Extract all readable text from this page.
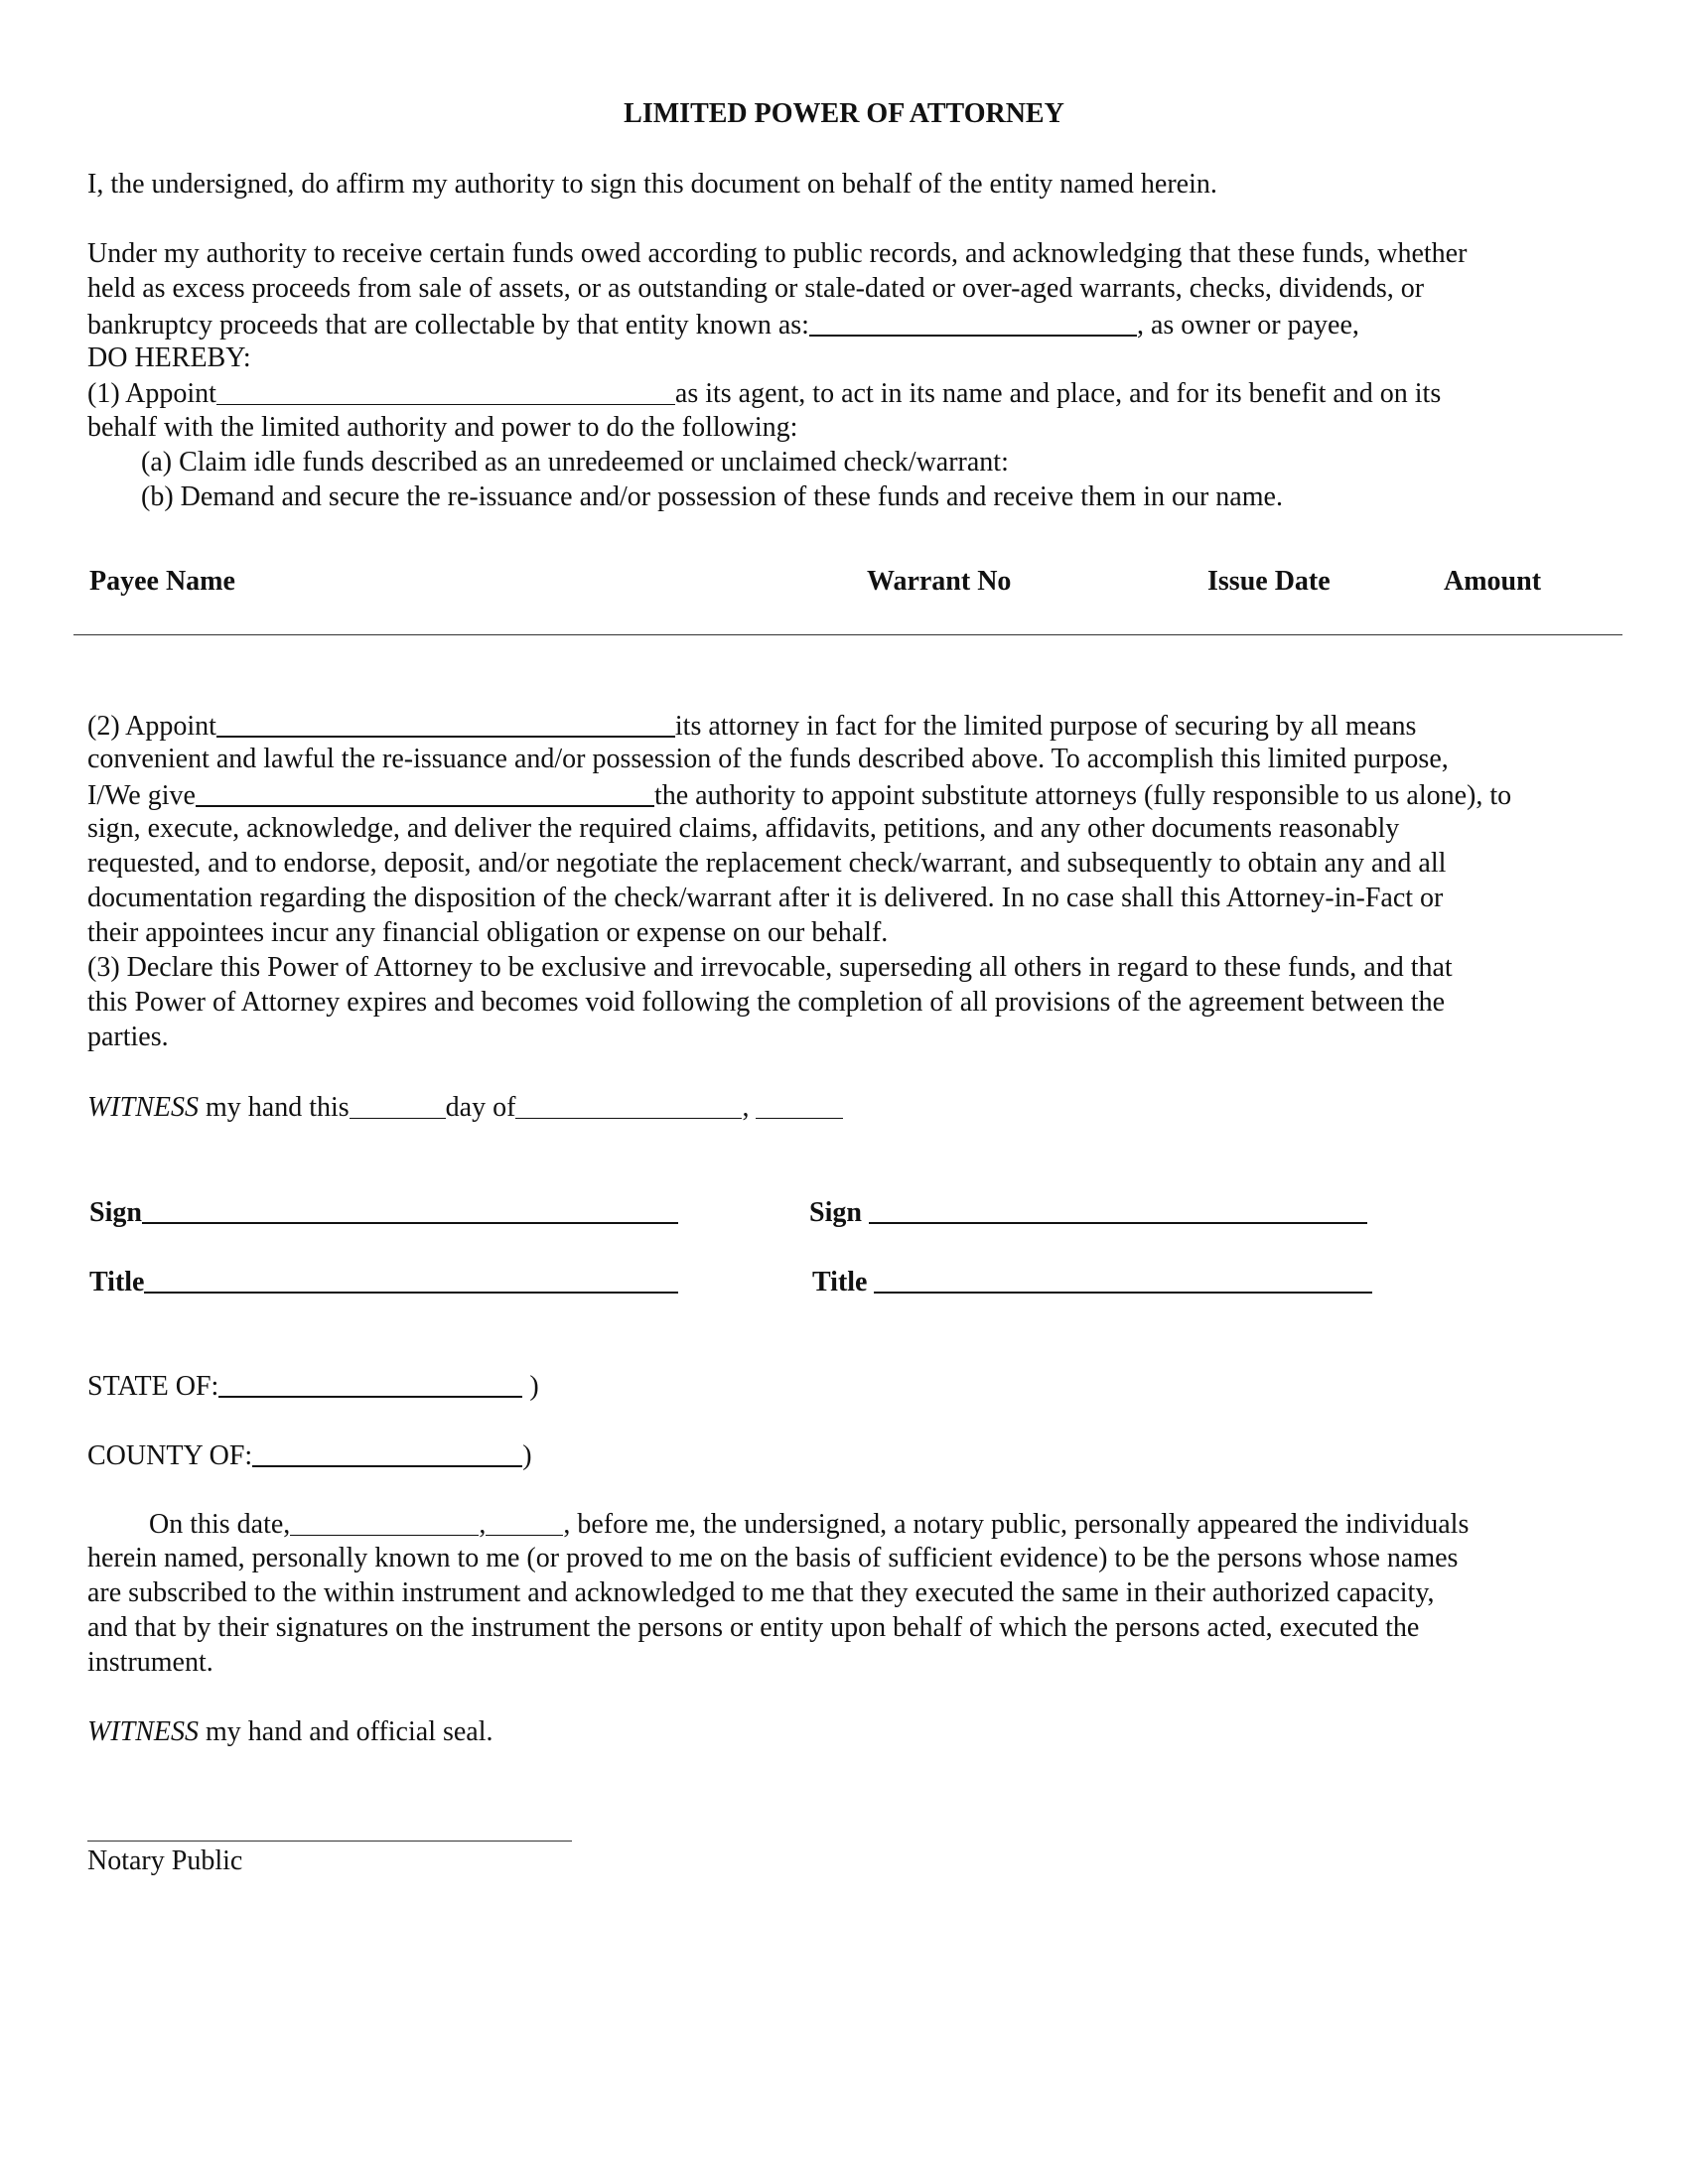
LIMITED POWER OF ATTORNEY
I, the undersigned, do affirm my authority to sign this document on behalf of the entity named herein.
Under my authority to receive certain funds owed according to public records, and acknowledging that these funds, whether
held as excess proceeds from sale of assets, or as outstanding or stale-dated or over-aged warrants, checks, dividends, or
bankruptcy proceeds that are collectable by that entity known as:	, as owner or payee,
DO HEREBY:
(1) Appoint	as its agent, to act in its name and place, and for its benefit and on its
behalf with the limited authority and power to do the following:
(a) Claim idle funds described as an unredeemed or unclaimed check/warrant:
(b) Demand and secure the re-issuance and/or possession of these funds and receive them in our name.
Payee Name	Warrant No	Issue Date	Amount
(2) Appoint	its attorney in fact for the limited purpose of securing by all means
convenient and lawful the re-issuance and/or possession of the funds described above. To accomplish this limited purpose,
I/We give	the authority to appoint substitute attorneys (fully responsible to us alone), to
sign, execute, acknowledge, and deliver the required claims, affidavits, petitions, and any other documents reasonably
requested, and to endorse, deposit, and/or negotiate the replacement check/warrant, and subsequently to obtain any and all
documentation regarding the disposition of the check/warrant after it is delivered. In no case shall this Attorney-in-Fact or
their appointees incur any financial obligation or expense on our behalf.
(3) Declare this Power of Attorney to be exclusive and irrevocable, superseding all others in regard to these funds, and that
this Power of Attorney expires and becomes void following the completion of all provisions of the agreement between the
parties.
WITNESS my hand this	day of	,
Sign	Sign
Title	Title
STATE OF:	)
COUNTY OF:	)
On this date,	,	, before me, the undersigned, a notary public, personally appeared the individuals
herein named, personally known to me (or proved to me on the basis of sufficient evidence) to be the persons whose names
are subscribed to the within instrument and acknowledged to me that they executed the same in their authorized capacity,
and that by their signatures on the instrument the persons or entity upon behalf of which the persons acted, executed the
instrument.
WITNESS my hand and official seal.
Notary Public
